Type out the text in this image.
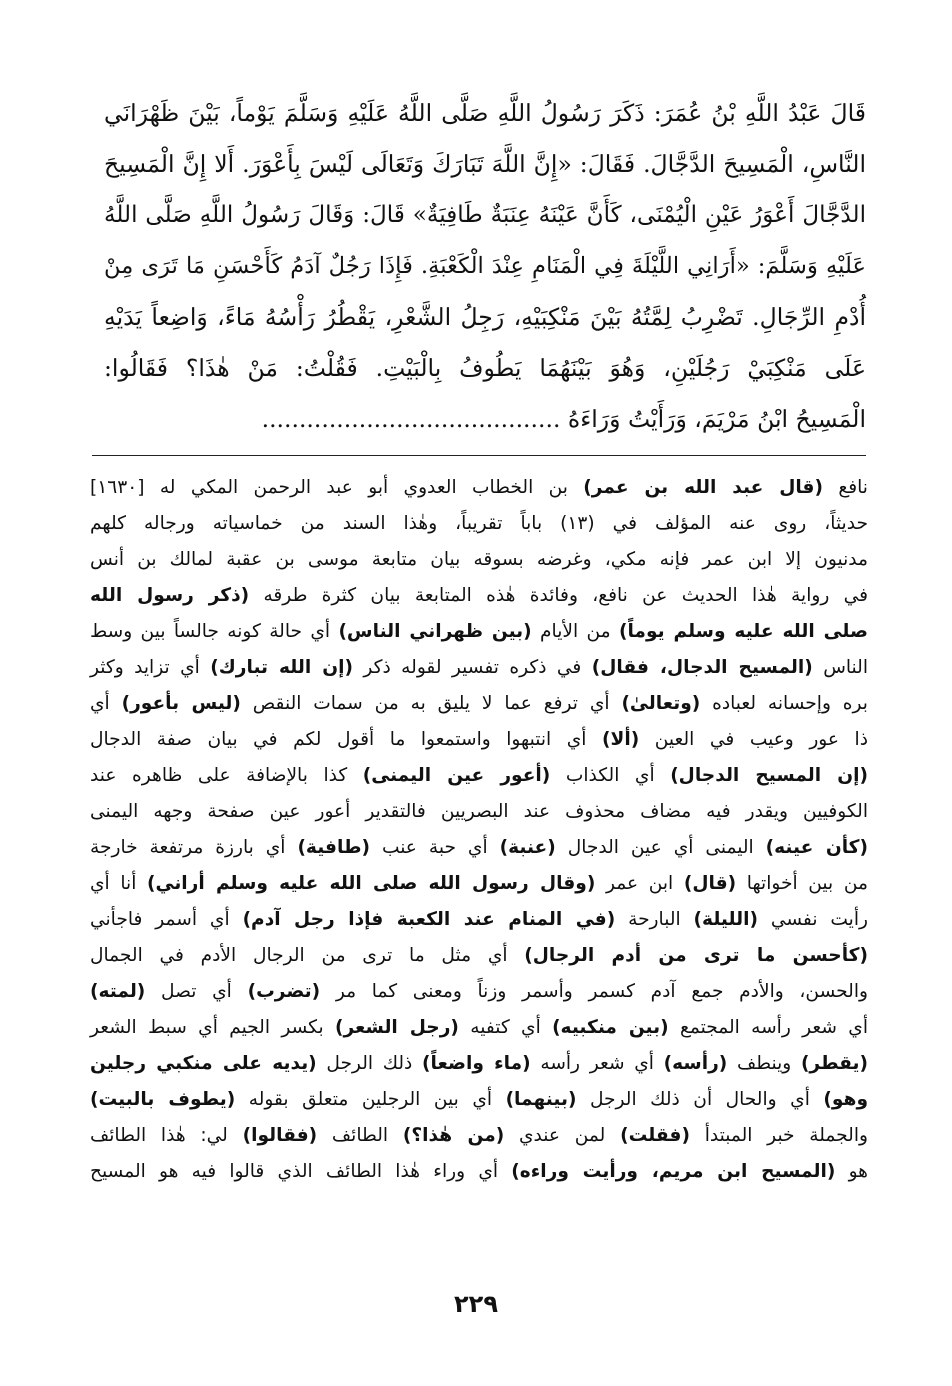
قَالَ عَبْدُ اللَّهِ بْنُ عُمَرَ: ذَكَرَ رَسُولُ اللَّهِ صَلَّى اللَّهُ عَلَيْهِ وَسَلَّمَ يَوْماً، بَيْنَ ظَهْرَانَي
النَّاسِ، الْمَسِيحَ الدَّجَّالَ. فَقَالَ: «إِنَّ اللَّهَ تَبَارَكَ وَتَعَالَى لَيْسَ بِأَعْوَرَ. أَلا إِنَّ الْمَسِيحَ
الدَّجَّالَ أَعْوَرُ عَيْنِ الْيُمْنَى، كَأَنَّ عَيْنَهُ عِنَبَةٌ طَافِيَةٌ» قَالَ: وَقَالَ رَسُولُ اللَّهِ صَلَّى اللَّهُ
عَلَيْهِ وَسَلَّمَ: «أَرَانِي اللَّيْلَةَ فِي الْمَنَامِ عِنْدَ الْكَعْبَةِ. فَإِذَا رَجُلٌ آدَمُ كَأَحْسَنِ مَا تَرَى مِنْ
أُدْمِ الرِّجَالِ. تَضْرِبُ لِمَّتُهُ بَيْنَ مَنْكِبَيْهِ، رَجِلُ الشَّعْرِ، يَقْطُرُ رَأْسُهُ مَاءً، وَاضِعاً يَدَيْهِ
عَلَى مَنْكِبَيْ رَجُلَيْنِ، وَهُوَ بَيْنَهُمَا يَطُوفُ بِالْبَيْتِ. فَقُلْتُ: مَنْ هٰذَا؟ فَقَالُوا:
الْمَسِيحُ ابْنُ مَرْيَمَ، وَرَأَيْتُ وَرَاءَهُ ........................................
نافع (قال عبد الله بن عمر) بن الخطاب العدوي أبو عبد الرحمن المكي له [١٦٣٠]
حديثاً، روى عنه المؤلف في (١٣) باباً تقريباً، وهٰذا السند من خماسياته ورجاله كلهم
مدنيون إلا ابن عمر فإنه مكي، وغرضه بسوقه بيان متابعة موسى بن عقبة لمالك بن أنس
في رواية هٰذا الحديث عن نافع، وفائدة هٰذه المتابعة بيان كثرة طرقه (ذكر رسول الله
صلى الله عليه وسلم يوماً) من الأيام (بين ظهراني الناس) أي حالة كونه جالساً بين وسط
الناس (المسيح الدجال، فقال) في ذكره تفسير لقوله ذكر (إن الله تبارك) أي تزايد وكثر
بره وإحسانه لعباده (وتعالىٰ) أي ترفع عما لا يليق به من سمات النقص (ليس بأعور) أي
ذا عور وعيب في العين (ألا) أي انتبهوا واستمعوا ما أقول لكم في بيان صفة الدجال
(إن المسيح الدجال) أي الكذاب (أعور عين اليمنى) كذا بالإضافة على ظاهره عند
الكوفيين ويقدر فيه مضاف محذوف عند البصريين فالتقدير أعور عين صفحة وجهه اليمنى
(كأن عينه) اليمنى أي عين الدجال (عنبة) أي حبة عنب (طافية) أي بارزة مرتفعة خارجة
من بين أخواتها (قال) ابن عمر (وقال رسول الله صلى الله عليه وسلم أراني) أنا أي
رأيت نفسي (الليلة) البارحة (في المنام عند الكعبة فإذا رجل آدم) أي أسمر فاجأني
(كأحسن ما ترى من أدم الرجال) أي مثل ما ترى من الرجال الأدم في الجمال
والحسن، والأدم جمع آدم كسمر وأسمر وزناً ومعنى كما مر (تضرب) أي تصل (لمته)
أي شعر رأسه المجتمع (بين منكبيه) أي كتفيه (رجل الشعر) بكسر الجيم أي سبط الشعر
(يقطر) وينطف (رأسه) أي شعر رأسه (ماء واضعاً) ذلك الرجل (يديه على منكبي رجلين
وهو) أي والحال أن ذلك الرجل (بينهما) أي بين الرجلين متعلق بقوله (يطوف بالبيت)
والجملة خبر المبتدأ (فقلت) لمن عندي (من هٰذا؟) الطائف (فقالوا) لي: هٰذا الطائف
هو (المسيح ابن مريم، ورأيت وراءه) أي وراء هٰذا الطائف الذي قالوا فيه هو المسيح
٢٢٩
